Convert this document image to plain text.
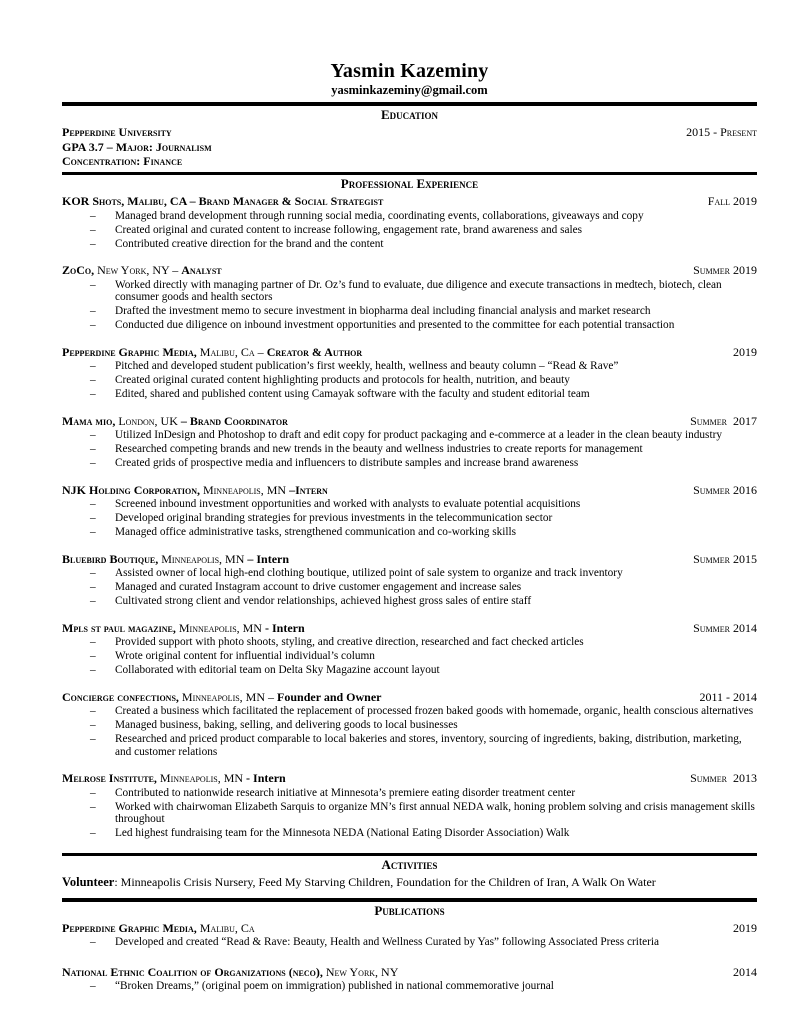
Yasmin Kazeminy
yasminkazeminy@gmail.com
Education
Pepperdine University	2015 - Present
GPA 3.7 – Major: Journalism
Concentration: Finance
Professional Experience
KOR Shots, Malibu, CA – Brand Manager & Social Strategist	Fall 2019
–	Managed brand development through running social media, coordinating events, collaborations, giveaways and copy
–	Created original and curated content to increase following, engagement rate, brand awareness and sales
–	Contributed creative direction for the brand and the content
ZoCo, New York, NY – Analyst	Summer 2019
–	Worked directly with managing partner of Dr. Oz’s fund to evaluate, due diligence and execute transactions in medtech, biotech, clean consumer goods and health sectors
–	Drafted the investment memo to secure investment in biopharma deal including financial analysis and market research
–	Conducted due diligence on inbound investment opportunities and presented to the committee for each potential transaction
Pepperdine Graphic Media, Malibu, Ca – Creator & Author	2019
–	Pitched and developed student publication’s first weekly, health, wellness and beauty column – “Read & Rave”
–	Created original curated content highlighting products and protocols for health, nutrition, and beauty
–	Edited, shared and published content using Camayak software with the faculty and student editorial team
Mama mio, London, UK – Brand Coordinator	Summer  2017
–	Utilized InDesign and Photoshop to draft and edit copy for product packaging and e-commerce at a leader in the clean beauty industry
–	Researched competing brands and new trends in the beauty and wellness industries to create reports for management
–	Created grids of prospective media and influencers to distribute samples and increase brand awareness
NJK Holding Corporation, Minneapolis, MN –Intern	Summer 2016
–	Screened inbound investment opportunities and worked with analysts to evaluate potential acquisitions
–	Developed original branding strategies for previous investments in the telecommunication sector
–	Managed office administrative tasks, strengthened communication and co-working skills
Bluebird Boutique, Minneapolis, MN – Intern	Summer 2015
–	Assisted owner of local high-end clothing boutique, utilized point of sale system to organize and track inventory
–	Managed and curated Instagram account to drive customer engagement and increase sales
–	Cultivated strong client and vendor relationships, achieved highest gross sales of entire staff
Mpls st paul magazine, Minneapolis, MN - Intern	Summer 2014
–	Provided support with photo shoots, styling, and creative direction, researched and fact checked articles
–	Wrote original content for influential individual’s column
–	Collaborated with editorial team on Delta Sky Magazine account layout
Concierge confections, Minneapolis, MN – Founder and Owner	2011 - 2014
–	Created a business which facilitated the replacement of processed frozen baked goods with homemade, organic, health conscious alternatives
–	Managed business, baking, selling, and delivering goods to local businesses
–	Researched and priced product comparable to local bakeries and stores, inventory, sourcing of ingredients, baking, distribution, marketing, and customer relations
Melrose Institute, Minneapolis, MN - Intern	Summer  2013
–	Contributed to nationwide research initiative at Minnesota’s premiere eating disorder treatment center
–	Worked with chairwoman Elizabeth Sarquis to organize MN’s first annual NEDA walk, honing problem solving and crisis management skills throughout
–	Led highest fundraising team for the Minnesota NEDA (National Eating Disorder Association) Walk
Activities
Volunteer: Minneapolis Crisis Nursery, Feed My Starving Children, Foundation for the Children of Iran, A Walk On Water
Publications
Pepperdine Graphic Media, Malibu, Ca	2019
–	Developed and created “Read & Rave: Beauty, Health and Wellness Curated by Yas” following Associated Press criteria
National Ethnic Coalition of Organizations (neco), New York, NY	2014
–	“Broken Dreams,” (original poem on immigration) published in national commemorative journal
